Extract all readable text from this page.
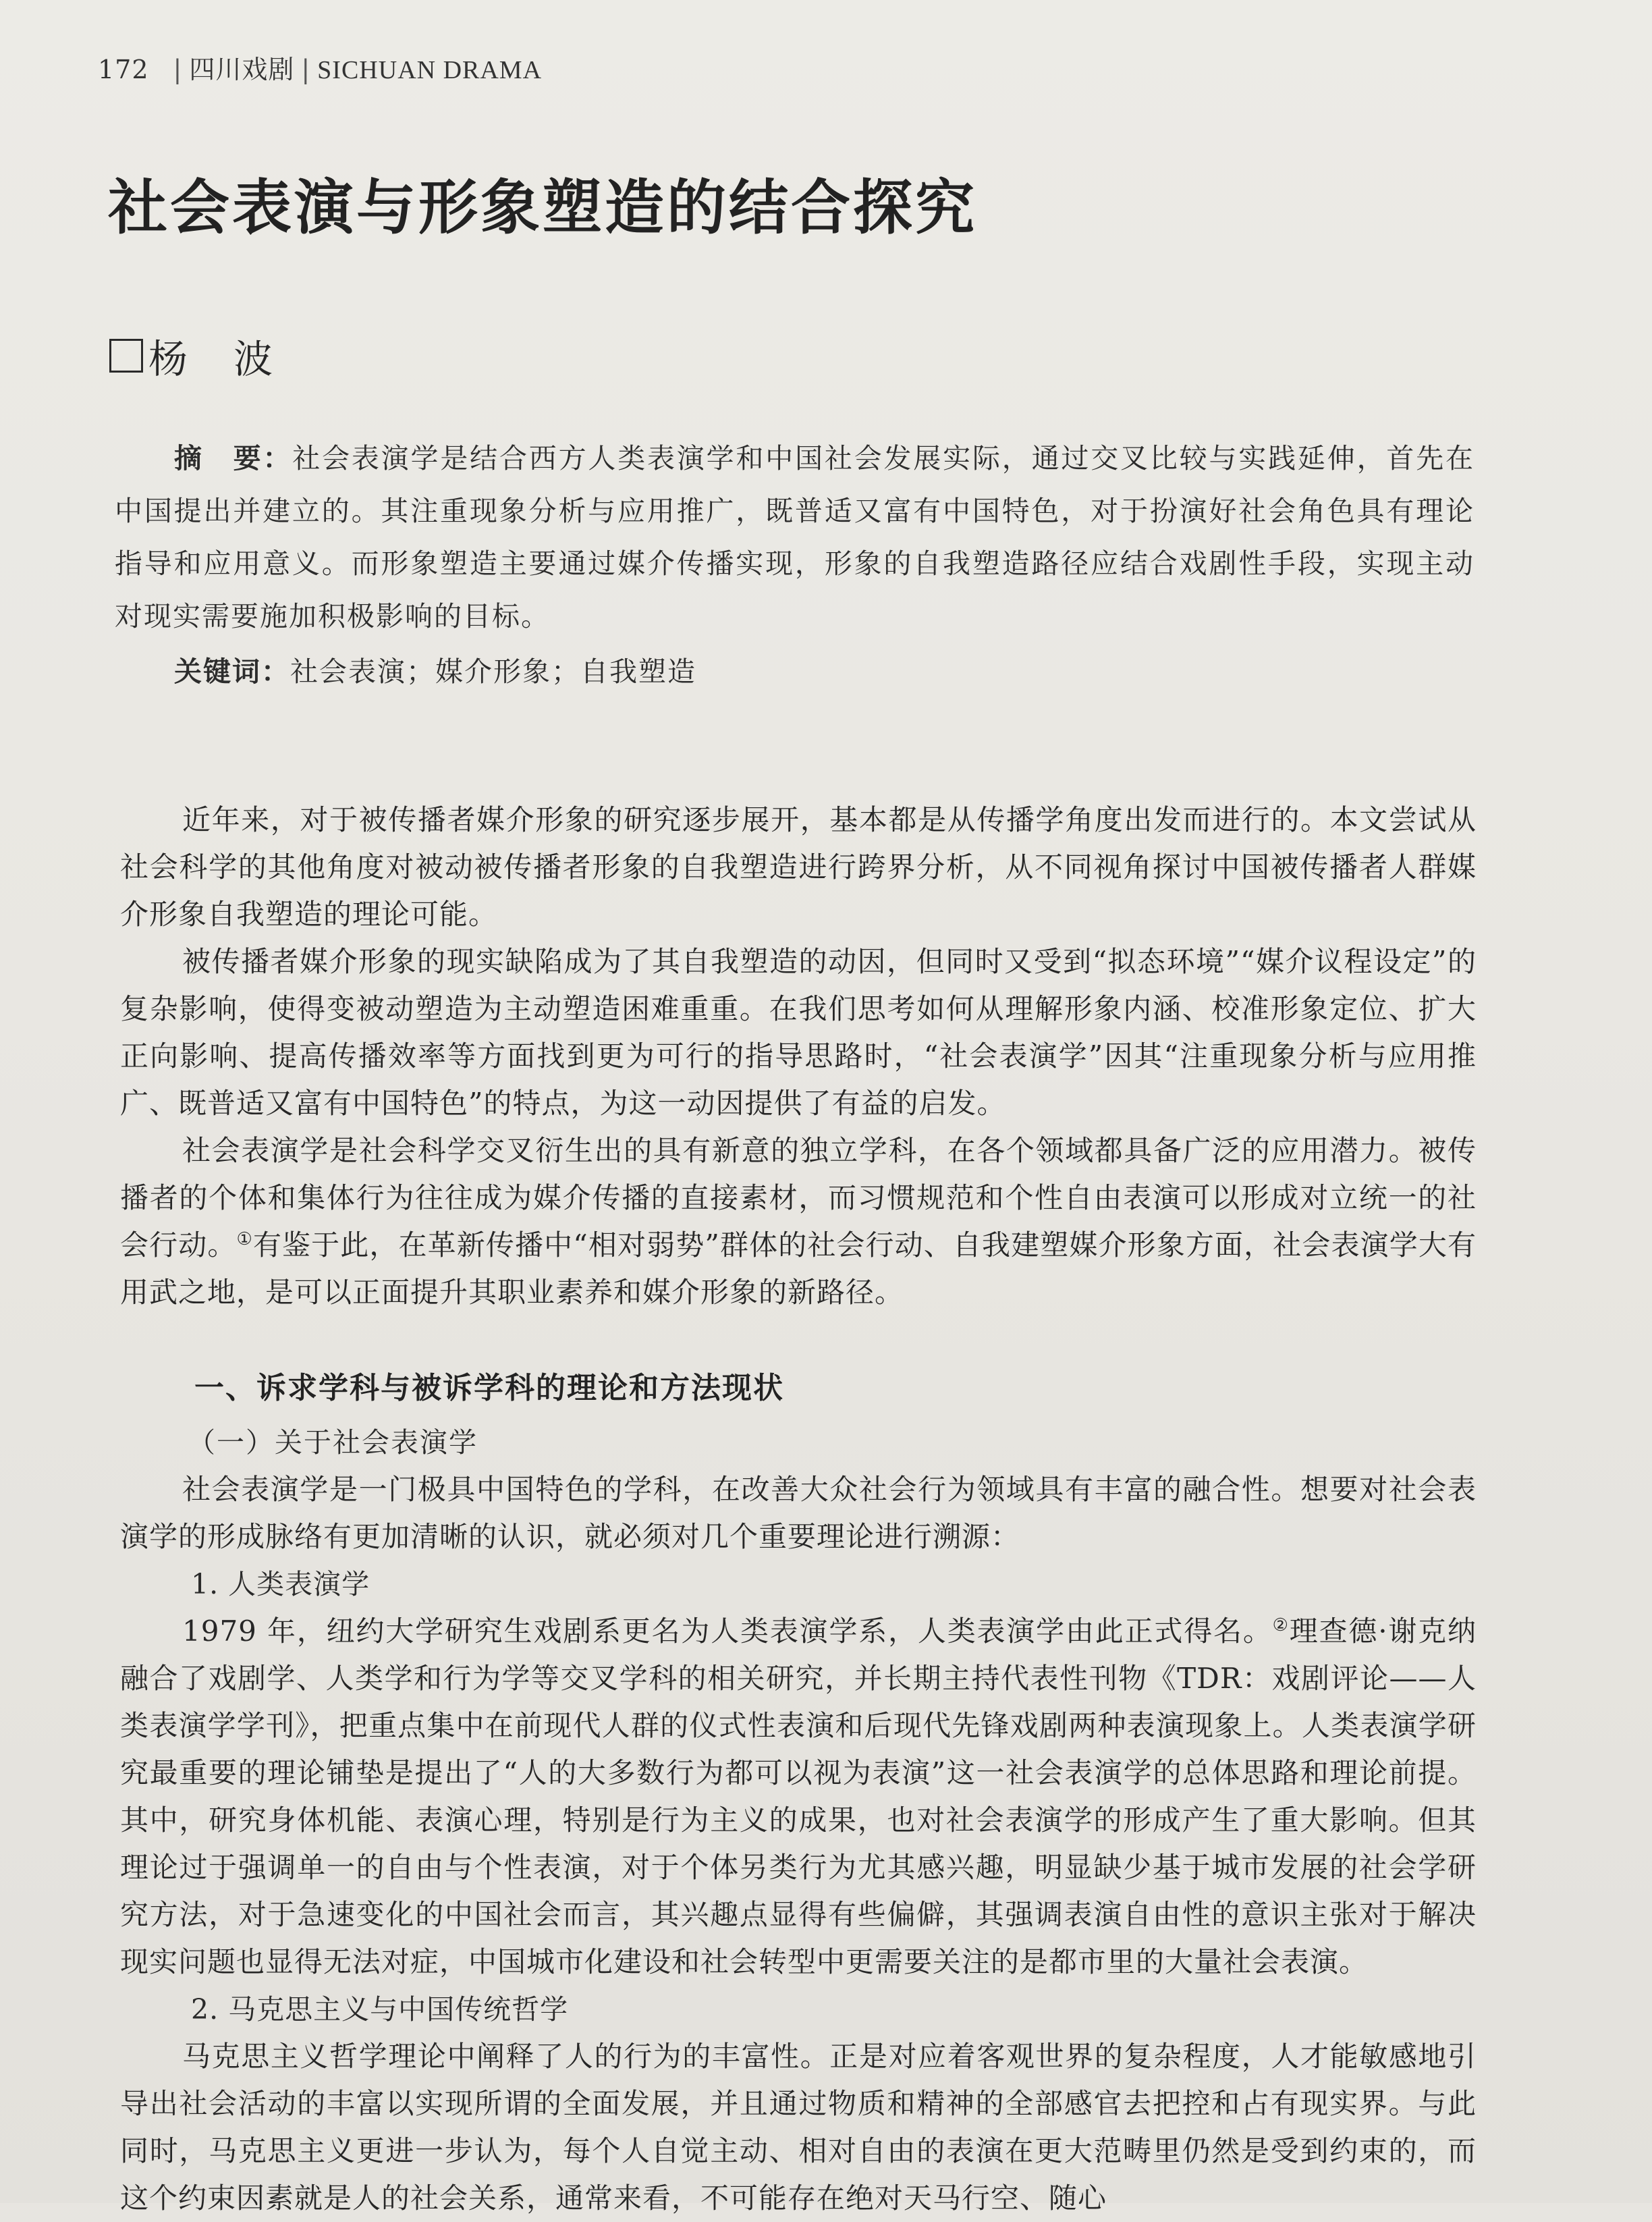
172 | 四川戏剧 | SICHUAN DRAMA
社会表演与形象塑造的结合探究
杨 波

摘　要：社会表演学是结合西方人类表演学和中国社会发展实际，通过交叉比较与实践延伸，首先在中国提出并建立的。其注重现象分析与应用推广，既普适又富有中国特色，对于扮演好社会角色具有理论指导和应用意义。而形象塑造主要通过媒介传播实现，形象的自我塑造路径应结合戏剧性手段，实现主动对现实需要施加积极影响的目标。

关键词：社会表演；媒介形象；自我塑造

近年来，对于被传播者媒介形象的研究逐步展开，基本都是从传播学角度出发而进行的。本文尝试从社会科学的其他角度对被动被传播者形象的自我塑造进行跨界分析，从不同视角探讨中国被传播者人群媒介形象自我塑造的理论可能。

被传播者媒介形象的现实缺陷成为了其自我塑造的动因，但同时又受到“拟态环境”“媒介议程设定”的复杂影响，使得变被动塑造为主动塑造困难重重。在我们思考如何从理解形象内涵、校准形象定位、扩大正向影响、提高传播效率等方面找到更为可行的指导思路时，“社会表演学”因其“注重现象分析与应用推广、既普适又富有中国特色”的特点，为这一动因提供了有益的启发。

社会表演学是社会科学交叉衍生出的具有新意的独立学科，在各个领域都具备广泛的应用潜力。被传播者的个体和集体行为往往成为媒介传播的直接素材，而习惯规范和个性自由表演可以形成对立统一的社会行动。①有鉴于此，在革新传播中“相对弱势”群体的社会行动、自我建塑媒介形象方面，社会表演学大有用武之地，是可以正面提升其职业素养和媒介形象的新路径。

一、诉求学科与被诉学科的理论和方法现状
（一）关于社会表演学

社会表演学是一门极具中国特色的学科，在改善大众社会行为领域具有丰富的融合性。想要对社会表演学的形成脉络有更加清晰的认识，就必须对几个重要理论进行溯源：

1. 人类表演学

1979 年，纽约大学研究生戏剧系更名为人类表演学系，人类表演学由此正式得名。②理查德·谢克纳融合了戏剧学、人类学和行为学等交叉学科的相关研究，并长期主持代表性刊物《TDR：戏剧评论——人类表演学学刊》，把重点集中在前现代人群的仪式性表演和后现代先锋戏剧两种表演现象上。人类表演学研究最重要的理论铺垫是提出了“人的大多数行为都可以视为表演”这一社会表演学的总体思路和理论前提。其中，研究身体机能、表演心理，特别是行为主义的成果，也对社会表演学的形成产生了重大影响。但其理论过于强调单一的自由与个性表演，对于个体另类行为尤其感兴趣，明显缺少基于城市发展的社会学研究方法，对于急速变化的中国社会而言，其兴趣点显得有些偏僻，其强调表演自由性的意识主张对于解决现实问题也显得无法对症，中国城市化建设和社会转型中更需要关注的是都市里的大量社会表演。

2. 马克思主义与中国传统哲学

马克思主义哲学理论中阐释了人的行为的丰富性。正是对应着客观世界的复杂程度，人才能敏感地引导出社会活动的丰富以实现所谓的全面发展，并且通过物质和精神的全部感官去把控和占有现实界。与此同时，马克思主义更进一步认为，每个人自觉主动、相对自由的表演在更大范畴里仍然是受到约束的，而这个约束因素就是人的社会关系，通常来看，不可能存在绝对天马行空、随心
